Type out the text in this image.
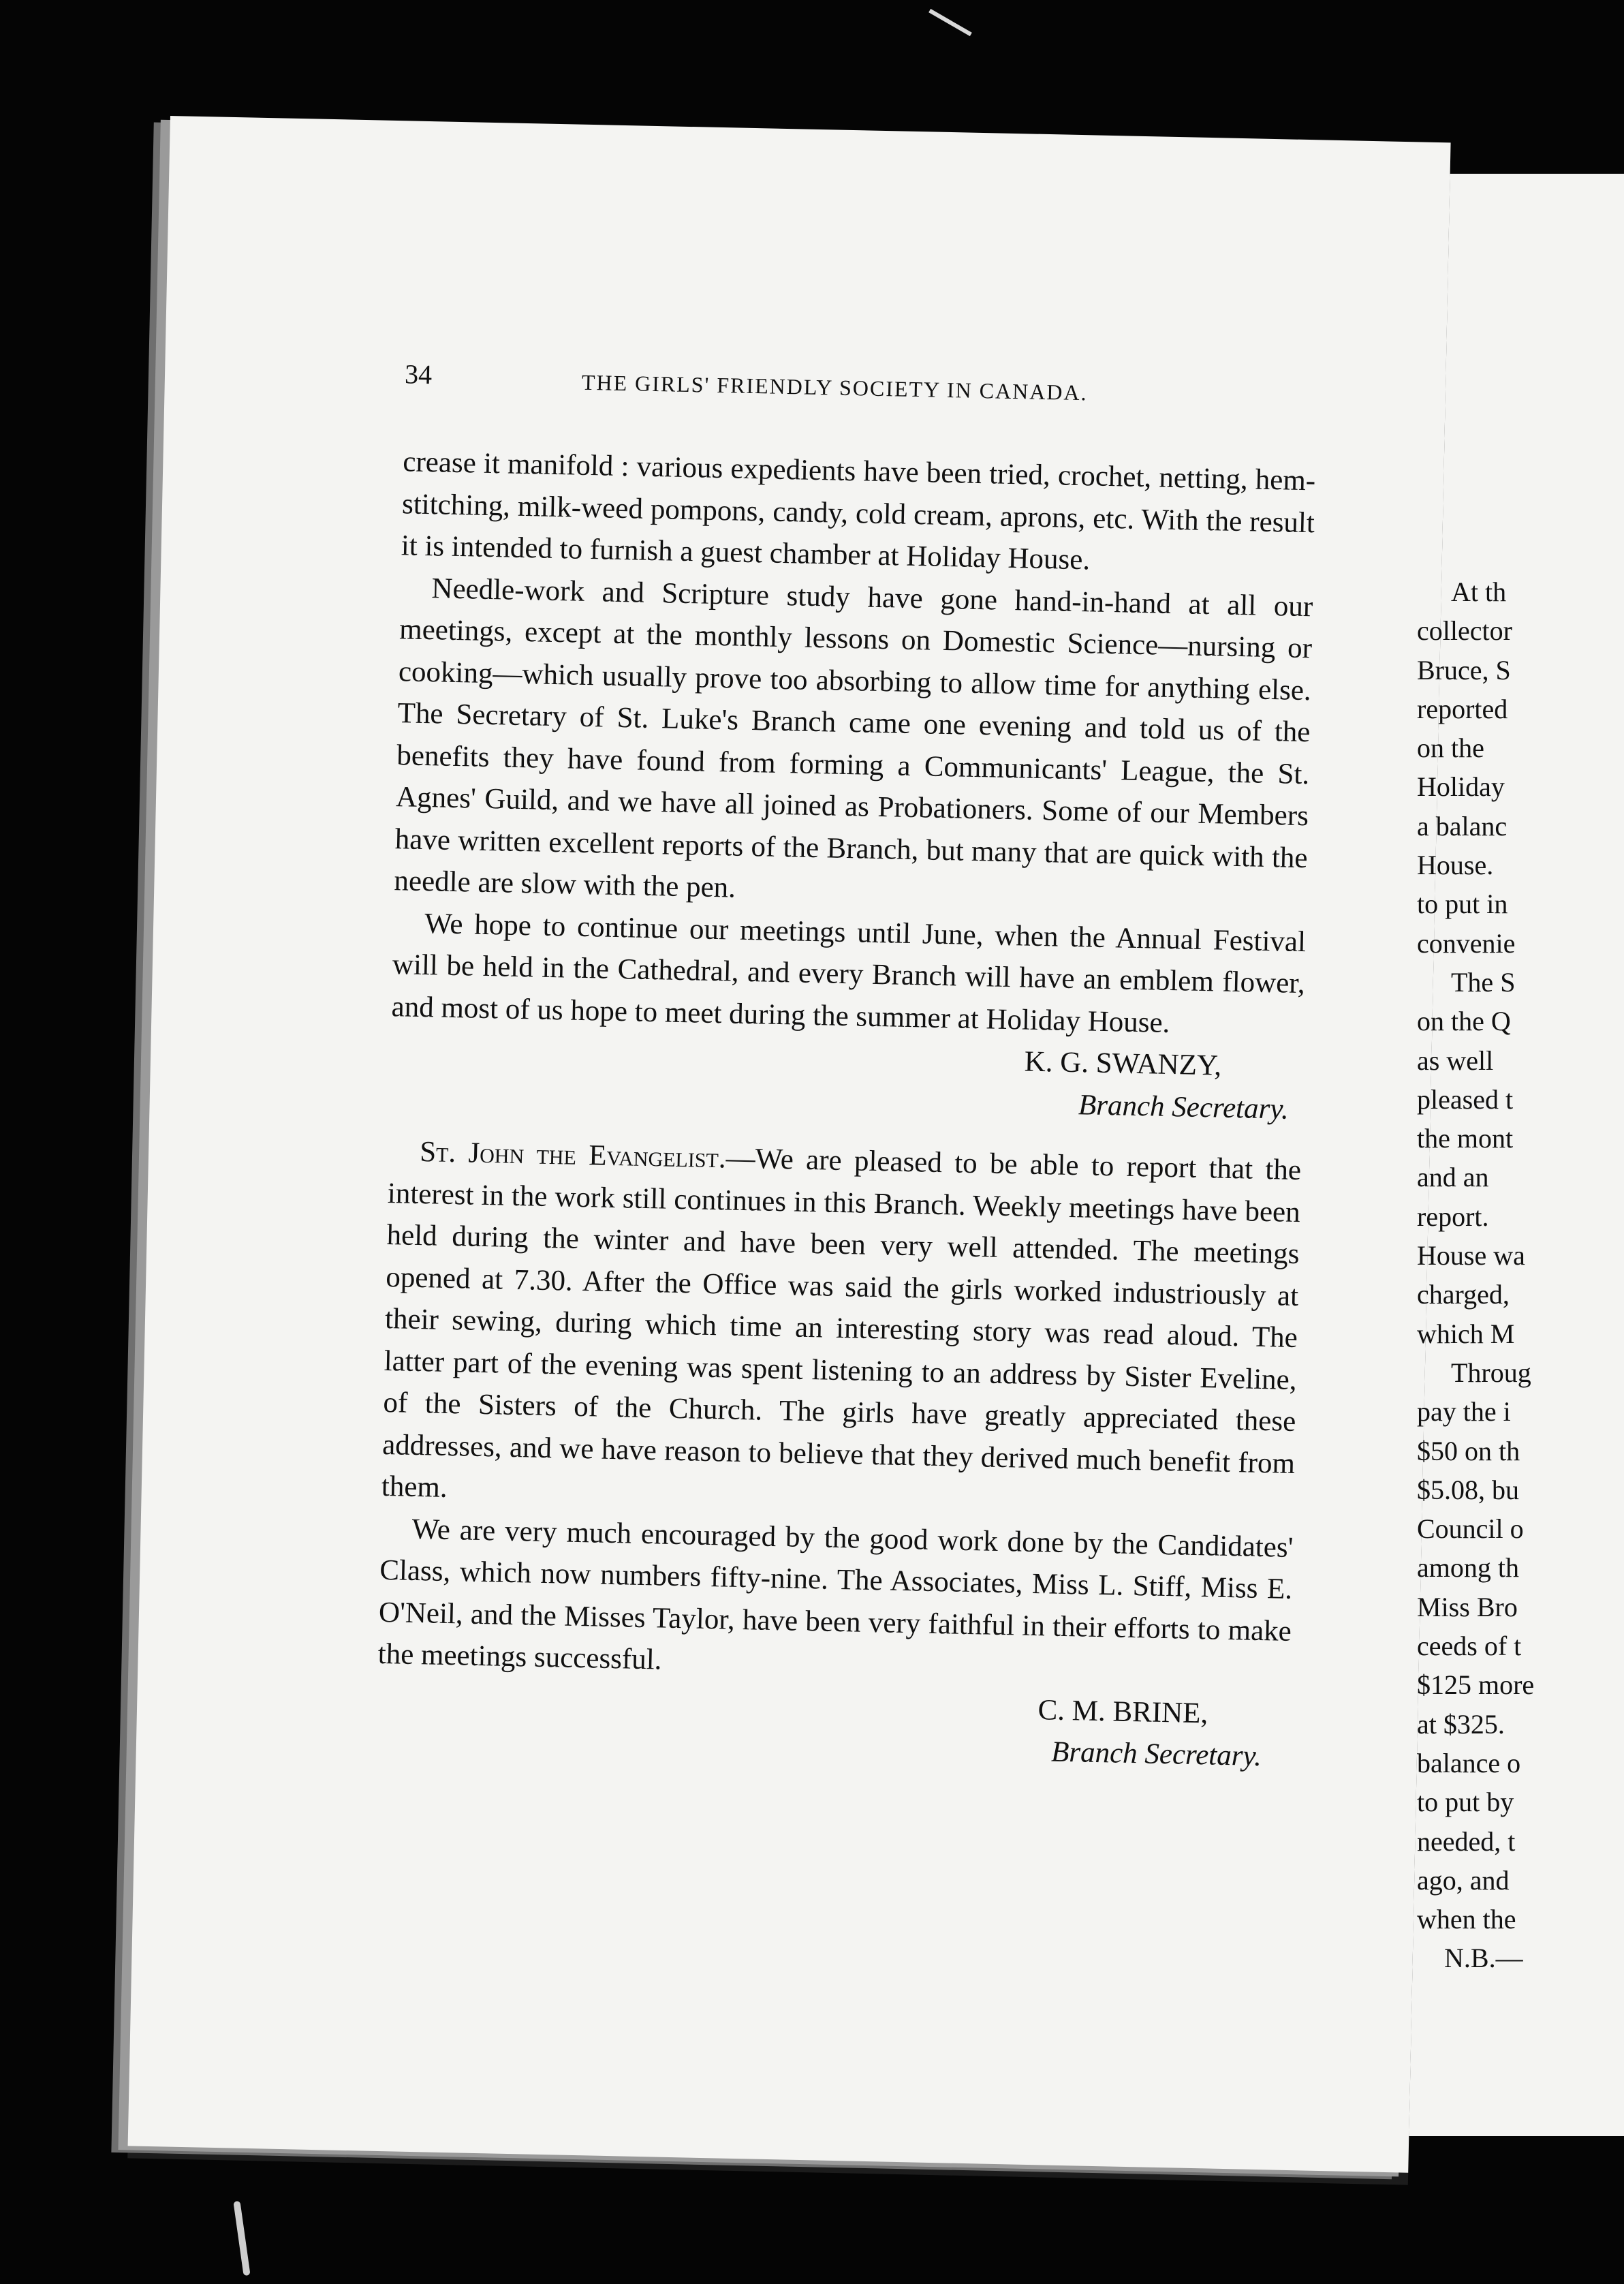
34	THE GIRLS' FRIENDLY SOCIETY IN CANADA.

crease it manifold : various expedients have been tried, crochet, netting, hem-stitching, milk-weed pompons, candy, cold cream, aprons, etc. With the result it is intended to furnish a guest chamber at Holiday House.

Needle-work and Scripture study have gone hand-in-hand at all our meetings, except at the monthly lessons on Domestic Science—nursing or cooking—which usually prove too absorbing to allow time for anything else. The Secretary of St. Luke's Branch came one evening and told us of the benefits they have found from forming a Communicants' League, the St. Agnes' Guild, and we have all joined as Probationers. Some of our Members have written excellent reports of the Branch, but many that are quick with the needle are slow with the pen.

We hope to continue our meetings until June, when the Annual Festival will be held in the Cathedral, and every Branch will have an emblem flower, and most of us hope to meet during the summer at Holiday House.

K. G. SWANZY,

Branch Secretary.

St. John the Evangelist.—We are pleased to be able to report that the interest in the work still continues in this Branch. Weekly meetings have been held during the winter and have been very well attended. The meetings opened at 7.30. After the Office was said the girls worked industriously at their sewing, during which time an interesting story was read aloud. The latter part of the evening was spent listening to an address by Sister Eveline, of the Sisters of the Church. The girls have greatly appreciated these addresses, and we have reason to believe that they derived much benefit from them.

We are very much encouraged by the good work done by the Candidates' Class, which now numbers fifty-nine. The Associates, Miss L. Stiff, Miss E. O'Neil, and the Misses Taylor, have been very faithful in their efforts to make the meetings successful.

C. M. BRINE,

Branch Secretary.

At th
collector
Bruce, S
reported
on the
Holiday
a balanc
House.
to put in
convenie
The S
on the Q
as well
pleased t
the mont
and an
report.
House wa
charged,
which M
Throug
pay the i
$50 on th
$5.08, bu
Council o
among th
Miss Bro
ceeds of t
$125 more
at $325.
balance o
to put by
needed, t
ago, and
when the
N.B.—
